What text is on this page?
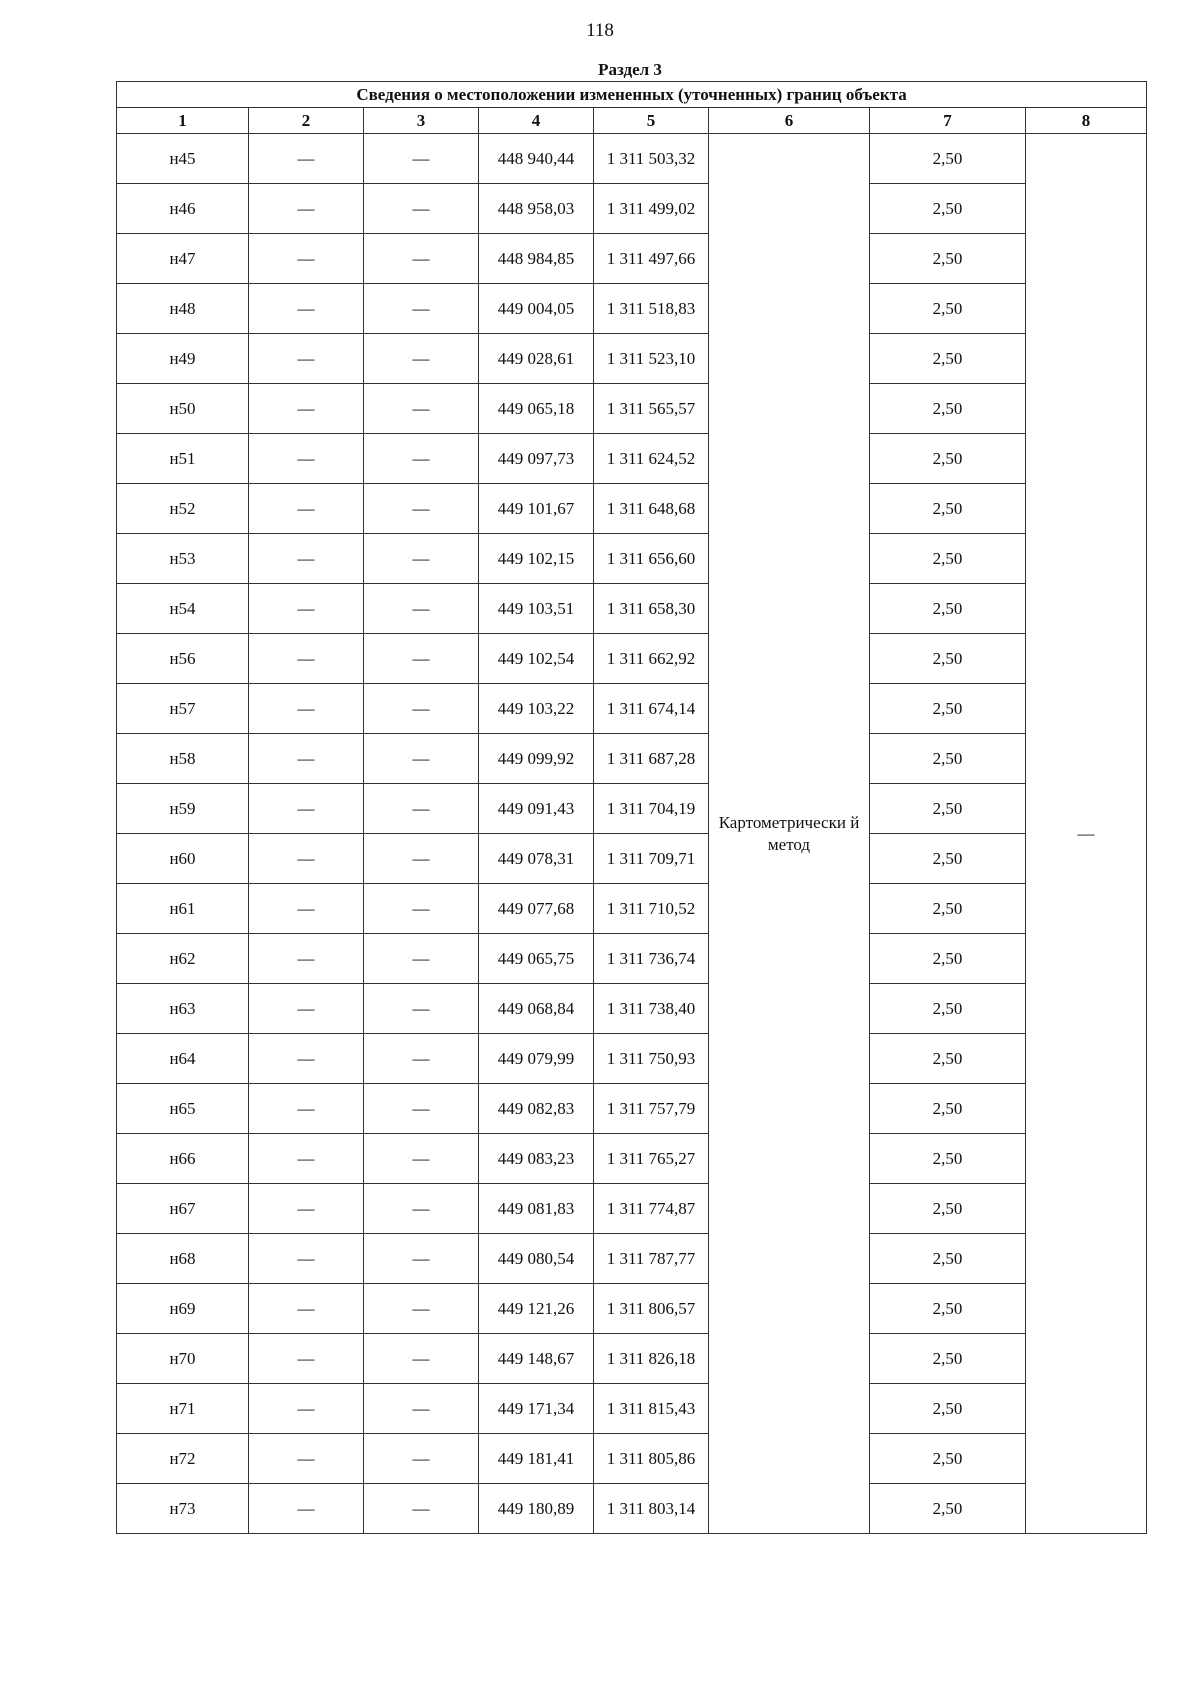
118
Раздел 3
Сведения о местоположении измененных (уточненных) границ объекта							
1	2	3	4	5	6	7	8
н45	—	—	448 940,44	1 311 503,32	Картометрически й метод	2,50	—
н46	—	—	448 958,03	1 311 499,02		2,50	
н47	—	—	448 984,85	1 311 497,66		2,50	
н48	—	—	449 004,05	1 311 518,83		2,50	
н49	—	—	449 028,61	1 311 523,10		2,50	
н50	—	—	449 065,18	1 311 565,57		2,50	
н51	—	—	449 097,73	1 311 624,52		2,50	
н52	—	—	449 101,67	1 311 648,68		2,50	
н53	—	—	449 102,15	1 311 656,60		2,50	
н54	—	—	449 103,51	1 311 658,30		2,50	
н56	—	—	449 102,54	1 311 662,92		2,50	
н57	—	—	449 103,22	1 311 674,14		2,50	
н58	—	—	449 099,92	1 311 687,28		2,50	
н59	—	—	449 091,43	1 311 704,19		2,50	
н60	—	—	449 078,31	1 311 709,71		2,50	
н61	—	—	449 077,68	1 311 710,52		2,50	
н62	—	—	449 065,75	1 311 736,74		2,50	
н63	—	—	449 068,84	1 311 738,40		2,50	
н64	—	—	449 079,99	1 311 750,93		2,50	
н65	—	—	449 082,83	1 311 757,79		2,50	
н66	—	—	449 083,23	1 311 765,27		2,50	
н67	—	—	449 081,83	1 311 774,87		2,50	
н68	—	—	449 080,54	1 311 787,77		2,50	
н69	—	—	449 121,26	1 311 806,57		2,50	
н70	—	—	449 148,67	1 311 826,18		2,50	
н71	—	—	449 171,34	1 311 815,43		2,50	
н72	—	—	449 181,41	1 311 805,86		2,50	
н73	—	—	449 180,89	1 311 803,14		2,50	
